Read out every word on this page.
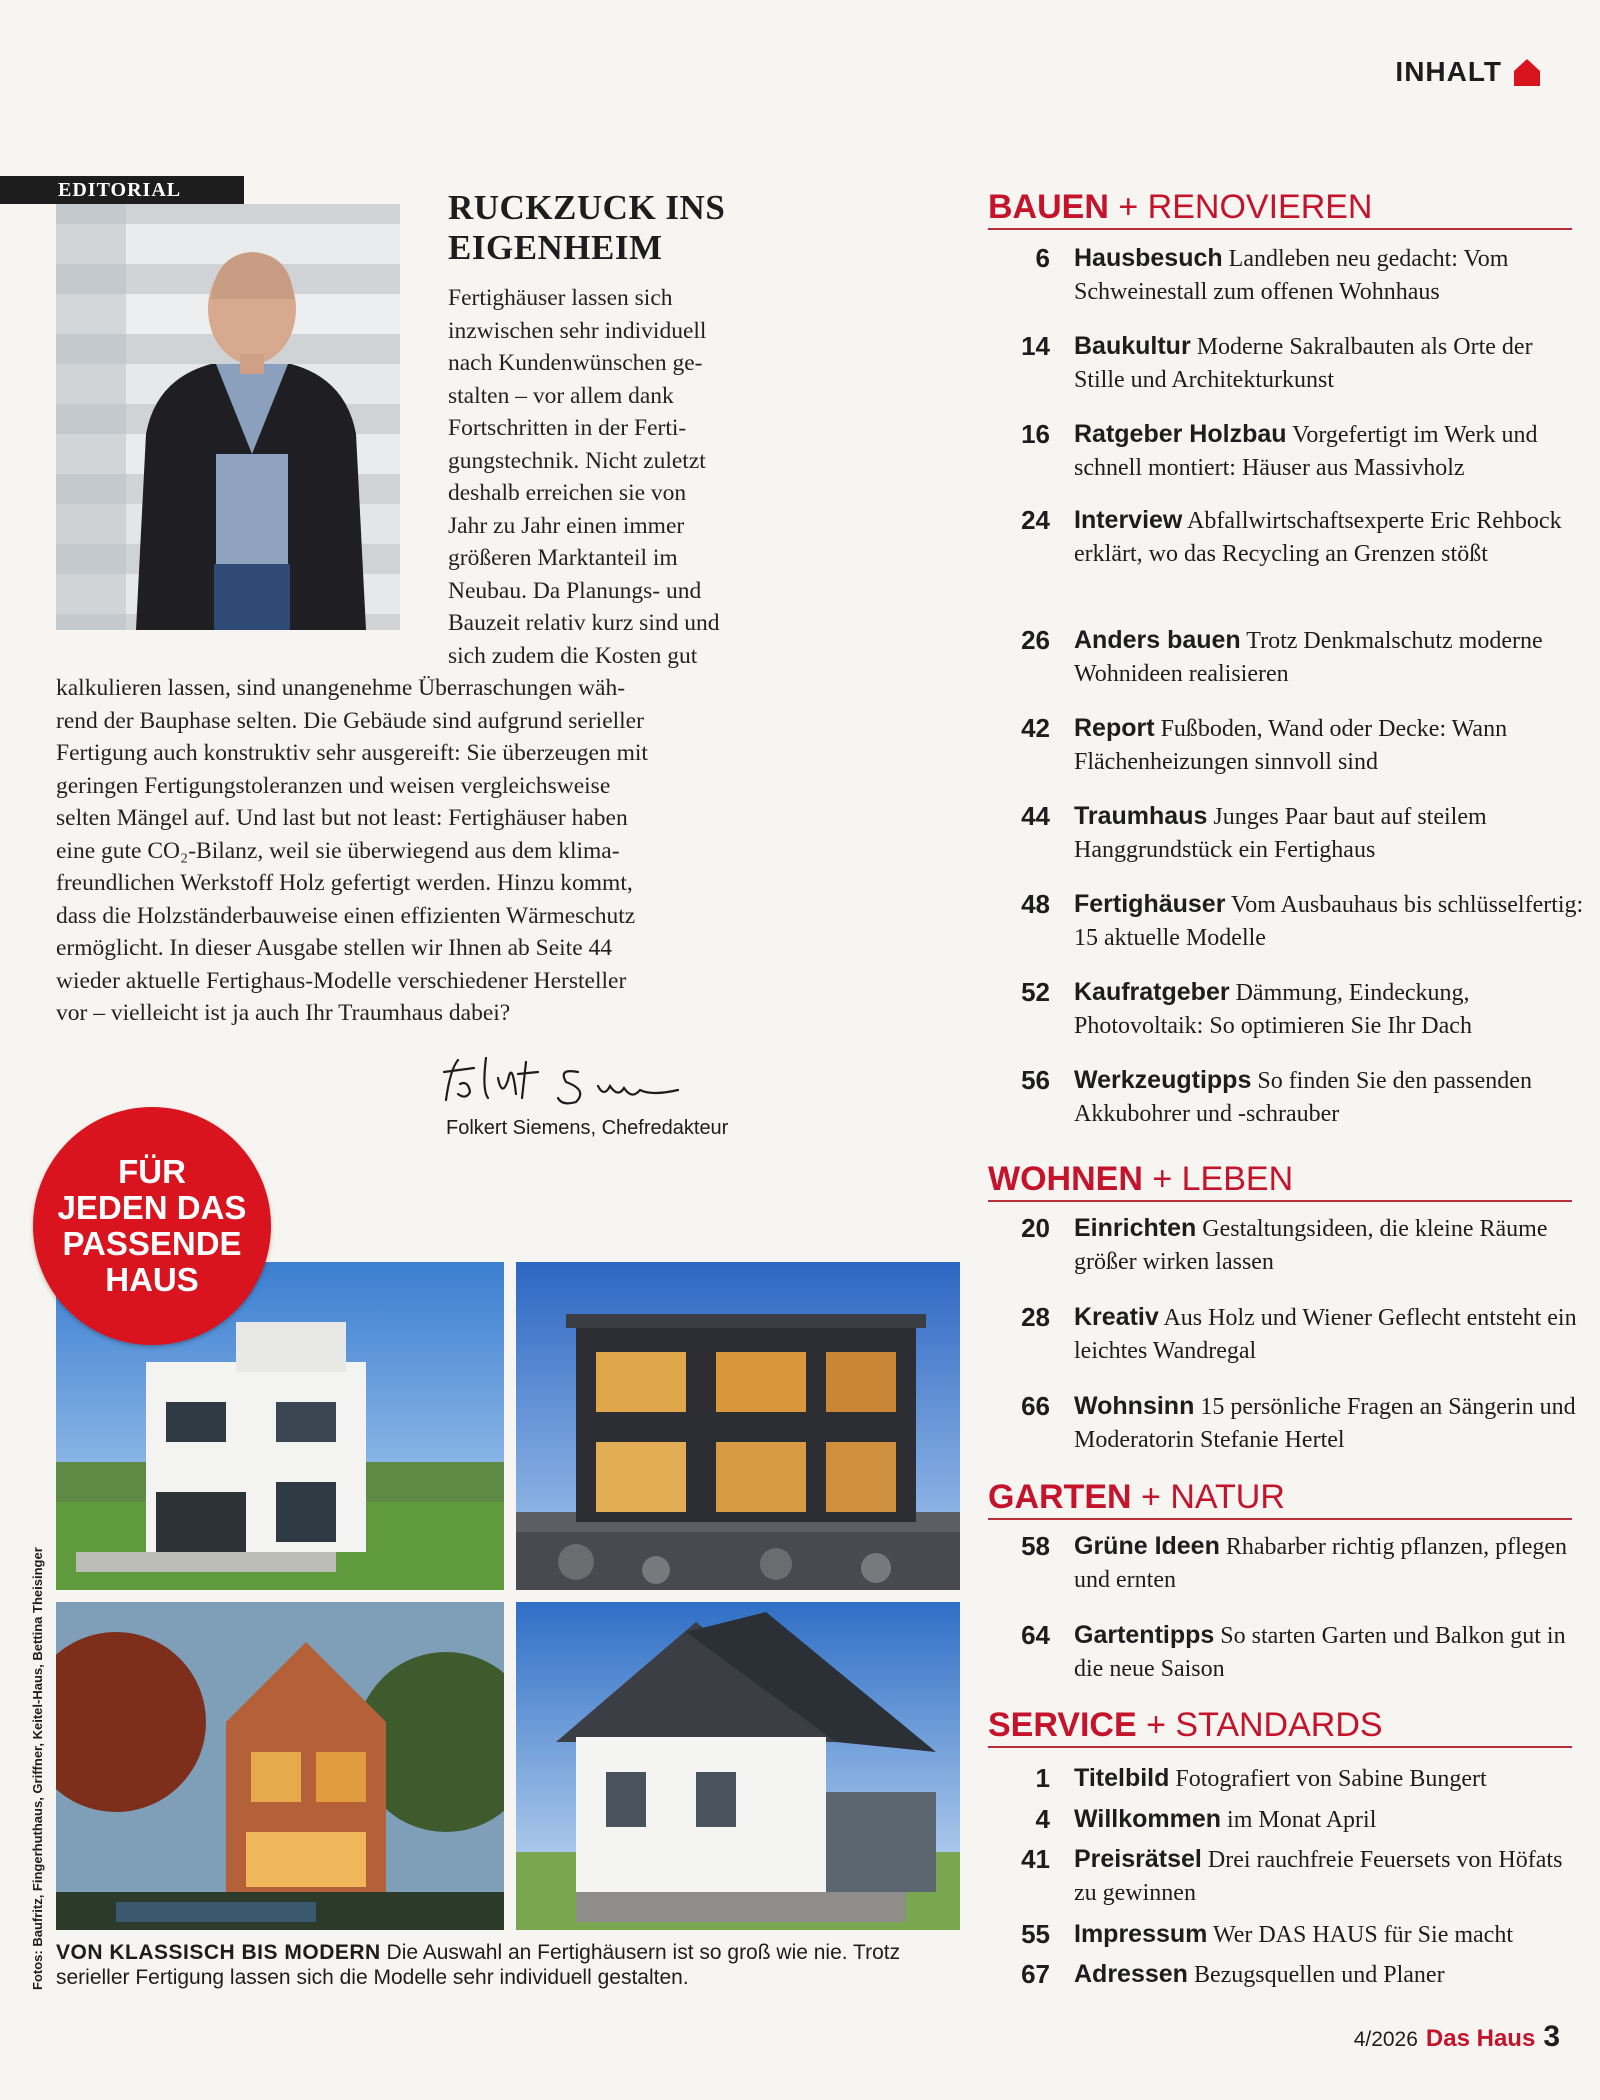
INHALT
EDITORIAL	RUCKZUCK INS
EIGENHEIM
Fertighäuser lassen sich
inzwischen sehr individuell
nach Kundenwünschen ge-
stalten – vor allem dank
Fortschritten in der Ferti-
gungstechnik. Nicht zuletzt
deshalb erreichen sie von
Jahr zu Jahr einen immer
größeren Marktanteil im
Neubau. Da Planungs- und
Bauzeit relativ kurz sind und
sich zudem die Kosten gut
kalkulieren lassen, sind unangenehme Überraschungen wäh-
rend der Bauphase selten. Die Gebäude sind aufgrund serieller
Fertigung auch konstruktiv sehr ausgereift: Sie überzeugen mit
geringen Fertigungstoleranzen und weisen vergleichsweise
selten Mängel auf. Und last but not least: Fertighäuser haben
eine gute CO₂-Bilanz, weil sie überwiegend aus dem klima-
freundlichen Werkstoff Holz gefertigt werden. Hinzu kommt,
dass die Holzständerbauweise einen effizienten Wärmeschutz
ermöglicht. In dieser Ausgabe stellen wir Ihnen ab Seite 44
wieder aktuelle Fertighaus-Modelle verschiedener Hersteller
vor – vielleicht ist ja auch Ihr Traumhaus dabei?
Folkert Siemens, Chefredakteur
FÜR
JEDEN DAS
PASSENDE
HAUS
Fotos: Baufritz, Fingerhuthaus, Griffner, Keitel-Haus, Bettina Theisinger VON KLASSISCH BIS MODERN Die Auswahl an Fertighäusern ist so groß wie nie. Trotz serieller Fertigung lassen sich die Modelle sehr individuell gestalten.
BAUEN + RENOVIEREN
6 Hausbesuch Landleben neu gedacht: Vom Schweinestall zum offenen Wohnhaus
14 Baukultur Moderne Sakralbauten als Orte der Stille und Architekturkunst
16 Ratgeber Holzbau Vorgefertigt im Werk und schnell montiert: Häuser aus Massivholz
24 Interview Abfallwirtschaftsexperte Eric Rehbock erklärt, wo das Recycling an Grenzen stößt
26 Anders bauen Trotz Denkmalschutz moderne Wohnideen realisieren
42 Report Fußboden, Wand oder Decke: Wann Flächenheizungen sinnvoll sind
44 Traumhaus Junges Paar baut auf steilem Hanggrundstück ein Fertighaus
48 Fertighäuser Vom Ausbauhaus bis schlüsselfertig: 15 aktuelle Modelle
52 Kaufratgeber Dämmung, Eindeckung, Photovoltaik: So optimieren Sie Ihr Dach
56 Werkzeugtipps So finden Sie den passenden Akkubohrer und -schrauber
WOHNEN + LEBEN
20 Einrichten Gestaltungsideen, die kleine Räume größer wirken lassen
28 Kreativ Aus Holz und Wiener Geflecht entsteht ein leichtes Wandregal
66 Wohnsinn 15 persönliche Fragen an Sängerin und Moderatorin Stefanie Hertel
GARTEN + NATUR
58 Grüne Ideen Rhabarber richtig pflanzen, pflegen und ernten
64 Gartentipps So starten Garten und Balkon gut in die neue Saison
SERVICE + STANDARDS
1 Titelbild Fotografiert von Sabine Bungert
4 Willkommen im Monat April
41 Preisrätsel Drei rauchfreie Feuersets von Höfats zu gewinnen
55 Impressum Wer DAS HAUS für Sie macht
67 Adressen Bezugsquellen und Planer
4/2026 Das Haus 3
